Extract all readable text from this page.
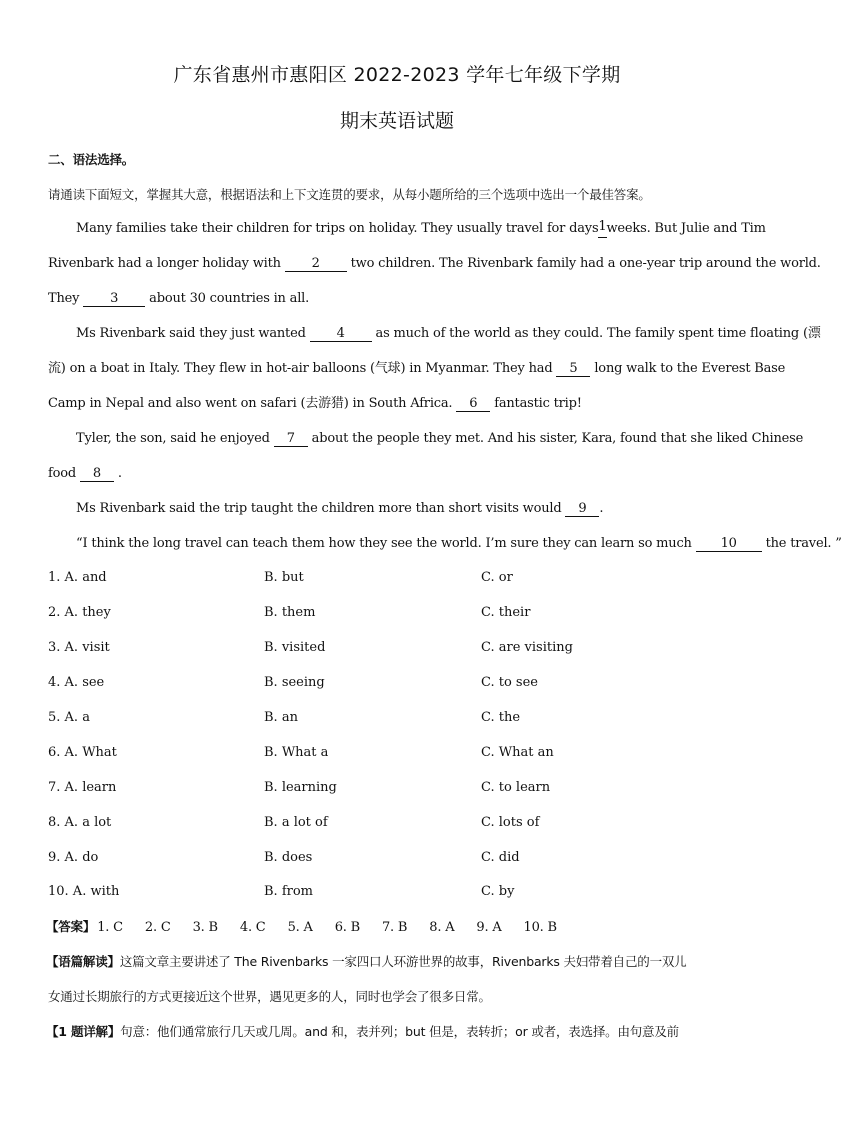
广东省惠州市惠阳区 2022-2023 学年七年级下学期
期末英语试题
二、语法选择。
请通读下面短文，掌握其大意，根据语法和上下文连贯的要求，从每小题所给的三个选项中选出一个最佳答案。
Many families take their children for trips on holiday. They usually travel for days 1 weeks. But Julie and Tim
Rivenbark had a longer holiday with 2 two children. The Rivenbark family had a one-year trip around the world.
They 3 about 30 countries in all.
Ms Rivenbark said they just wanted 4 as much of the world as they could. The family spent time floating (漂
流) on a boat in Italy. They flew in hot-air balloons (气球) in Myanmar. They had 5 long walk to the Everest Base
Camp in Nepal and also went on safari (去游猎) in South Africa. 6 fantastic trip!
Tyler, the son, said he enjoyed 7 about the people they met. And his sister, Kara, found that she liked Chinese
food 8 .
Ms Rivenbark said the trip taught the children more than short visits would 9 .
“I think the long travel can teach them how they see the world. I’m sure they can learn so much 10 the travel. ”
1. A. and	B. but	C. or
2. A. they	B. them	C. their
3. A. visit	B. visited	C. are visiting
4. A. see	B. seeing	C. to see
5. A. a	B. an	C. the
6. A. What	B. What a	C. What an
7. A. learn	B. learning	C. to learn
8. A. a lot	B. a lot of	C. lots of
9. A. do	B. does	C. did
10. A. with	B. from	C. by
【答案】 1. C 2. C 3. B 4. C 5. A 6. B 7. B 8. A 9. A 10. B
【语篇解读】这篇文章主要讲述了 The Rivenbarks 一家四口人环游世界的故事，Rivenbarks 夫妇带着自己的一双儿
女通过长期旅行的方式更接近这个世界，遇见更多的人，同时也学会了很多日常。
【1 题详解】句意：他们通常旅行几天或几周。and 和，表并列；but 但是，表转折；or 或者，表选择。由句意及前
